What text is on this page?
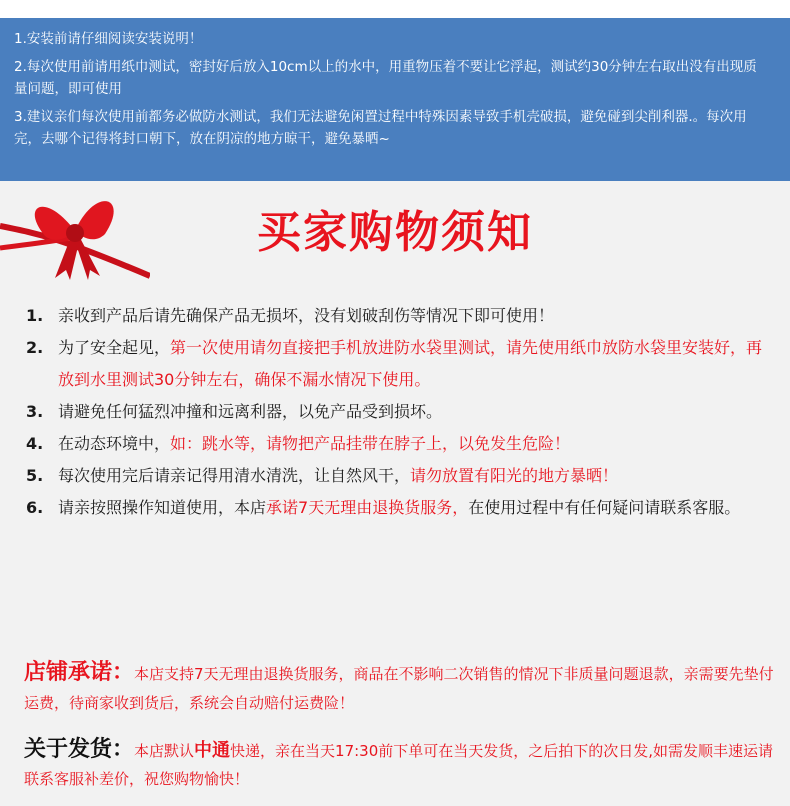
1.安装前请仔细阅读安装说明！

2.每次使用前请用纸巾测试，密封好后放入10cm以上的水中，用重物压着不要让它浮起，测试约30分钟左右取出没有出现质量问题，即可使用

3.建议亲们每次使用前都务必做防水测试，我们无法避免闲置过程中特殊因素导致手机壳破损，避免碰到尖削利器.。每次用完，去哪个记得将封口朝下，放在阴凉的地方晾干，避免暴晒~

买家购物须知
1. 亲收到产品后请先确保产品无损坏，没有划破刮伤等情况下即可使用！
2. 为了安全起见，第一次使用请勿直接把手机放进防水袋里测试，请先使用纸巾放防水袋里安装好，再放到水里测试30分钟左右，确保不漏水情况下使用。
3. 请避免任何猛烈冲撞和远离利器，以免产品受到损坏。
4. 在动态环境中，如：跳水等，请物把产品挂带在脖子上，以免发生危险！
5. 每次使用完后请亲记得用清水清洗，让自然风干，请勿放置有阳光的地方暴晒！
6. 请亲按照操作知道使用，本店承诺7天无理由退换货服务，在使用过程中有任何疑问请联系客服。
店铺承诺：本店支持7天无理由退换货服务，商品在不影响二次销售的情况下非质量问题退款，亲需要先垫付运费，待商家收到货后，系统会自动赔付运费险！
关于发货：本店默认中通快递，亲在当天17:30前下单可在当天发货，之后拍下的次日发,如需发顺丰速运请联系客服补差价，祝您购物愉快！
